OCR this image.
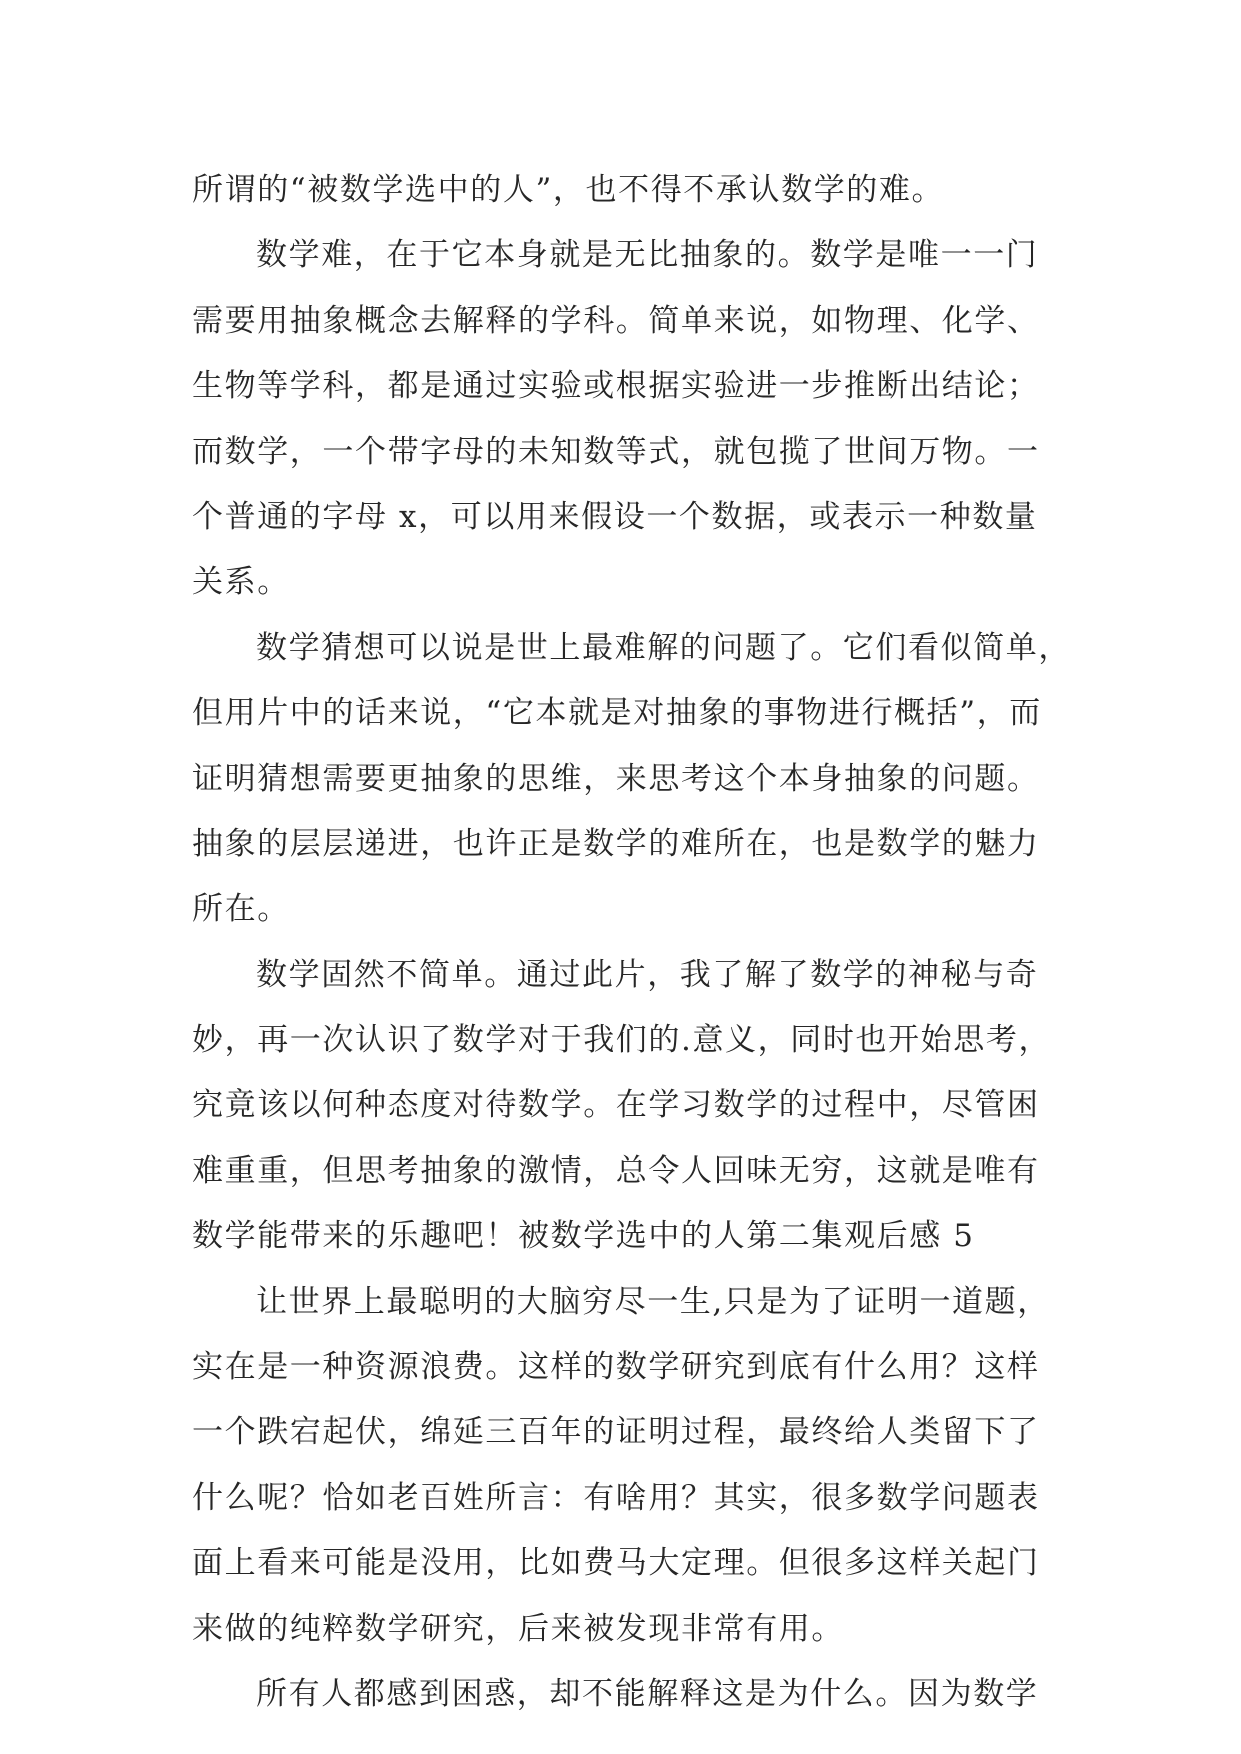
所谓的“被数学选中的人”，也不得不承认数学的难。
数学难，在于它本身就是无比抽象的。数学是唯一一门
需要用抽象概念去解释的学科。简单来说，如物理、化学、
生物等学科，都是通过实验或根据实验进一步推断出结论；
而数学，一个带字母的未知数等式，就包揽了世间万物。一
个普通的字母 x，可以用来假设一个数据，或表示一种数量
关系。
数学猜想可以说是世上最难解的问题了。它们看似简单，
但用片中的话来说，“它本就是对抽象的事物进行概括”，而
证明猜想需要更抽象的思维，来思考这个本身抽象的问题。
抽象的层层递进，也许正是数学的难所在，也是数学的魅力
所在。
数学固然不简单。通过此片，我了解了数学的神秘与奇
妙，再一次认识了数学对于我们的.意义，同时也开始思考，
究竟该以何种态度对待数学。在学习数学的过程中，尽管困
难重重，但思考抽象的激情，总令人回味无穷，这就是唯有
数学能带来的乐趣吧！被数学选中的人第二集观后感 5
让世界上最聪明的大脑穷尽一生,只是为了证明一道题，
实在是一种资源浪费。这样的数学研究到底有什么用？这样
一个跌宕起伏，绵延三百年的证明过程，最终给人类留下了
什么呢？恰如老百姓所言：有啥用？其实，很多数学问题表
面上看来可能是没用，比如费马大定理。但很多这样关起门
来做的纯粹数学研究，后来被发现非常有用。
所有人都感到困惑，却不能解释这是为什么。因为数学
